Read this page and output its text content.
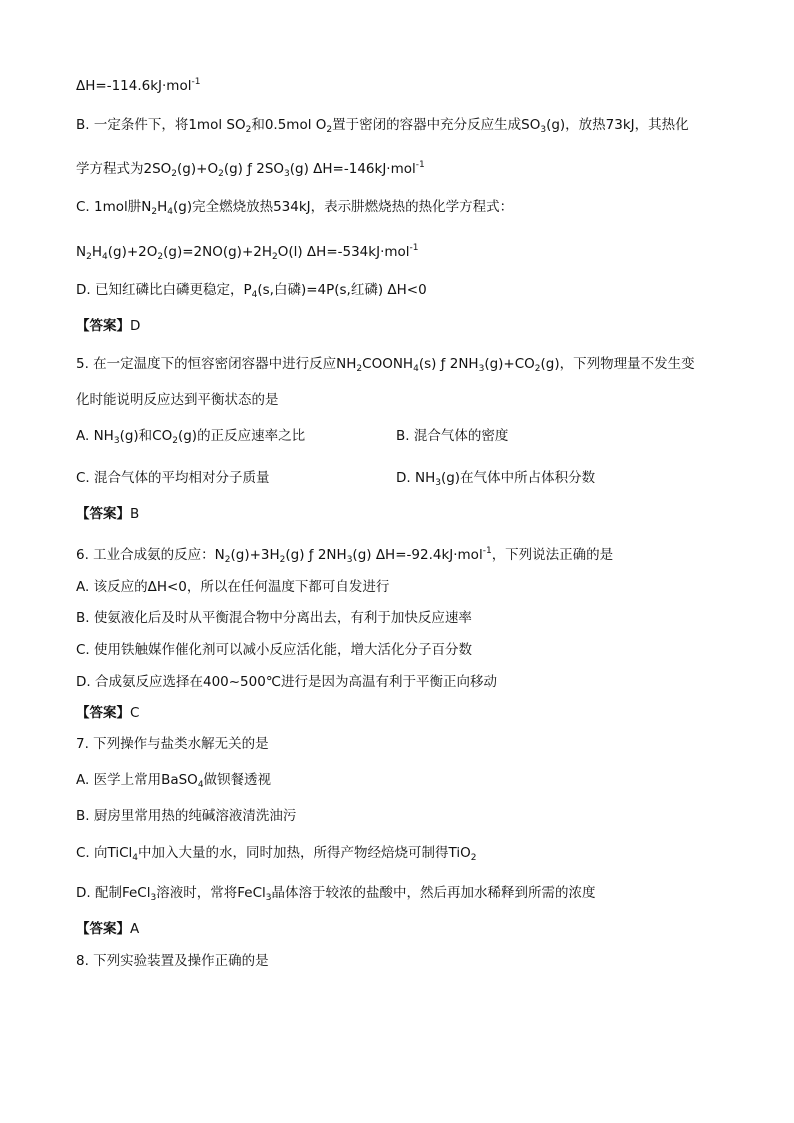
ΔH=-114.6kJ·mol$^{-1}$
B. 一定条件下，将1mol $SO_2$和0.5mol $O_2$置于密闭的容器中充分反应生成$SO_3(g)$，放热73kJ，其热化
学方程式为$2SO_2(g)+O_2(g)$ ƒ $2SO_3(g)$ ΔH=-146kJ·mol$^{-1}$
C. 1mol肼$N_2H_4(g)$完全燃烧放热534kJ，表示肼燃烧热的热化学方程式：
$N_2H_4(g)+2O_2(g)=2NO(g)+2H_2O(l)$ ΔH=-534kJ·mol$^{-1}$
D. 已知红磷比白磷更稳定，$P_4(s$,白磷)=4P(s,红磷) ΔH<0
【答案】D
5. 在一定温度下的恒容密闭容器中进行反应$NH_2COONH_4(s)$ ƒ $2NH_3(g)+CO_2(g)$，下列物理量不发生变
化时能说明反应达到平衡状态的是
A. $NH_3(g)$和$CO_2(g)$的正反应速率之比	B. 混合气体的密度
C. 混合气体的平均相对分子质量	D. $NH_3(g)$在气体中所占体积分数
【答案】B
6. 工业合成氨的反应：$N_2(g)+3H_2(g)$ ƒ $2NH_3(g)$ ΔH=-92.4kJ·mol$^{-1}$，下列说法正确的是
A. 该反应的ΔH<0，所以在任何温度下都可自发进行
B. 使氨液化后及时从平衡混合物中分离出去，有利于加快反应速率
C. 使用铁触媒作催化剂可以减小反应活化能，增大活化分子百分数
D. 合成氨反应选择在400~500℃进行是因为高温有利于平衡正向移动
【答案】C
7. 下列操作与盐类水解无关的是
A. 医学上常用BaSO$_4$做钡餐透视
B. 厨房里常用热的纯碱溶液清洗油污
C. 向TiCl$_4$中加入大量的水，同时加热，所得产物经焙烧可制得TiO$_2$
D. 配制FeCl$_3$溶液时，常将FeCl$_3$晶体溶于较浓的盐酸中，然后再加水稀释到所需的浓度
【答案】A
8. 下列实验装置及操作正确的是
